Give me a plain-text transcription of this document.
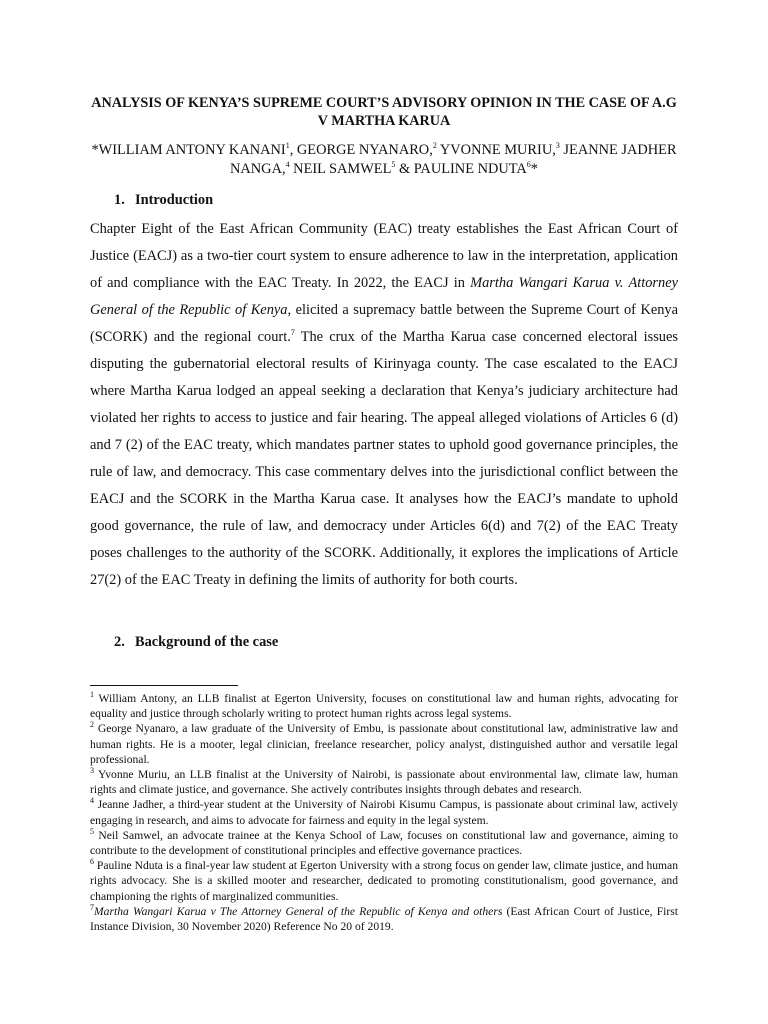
ANALYSIS OF KENYA’S SUPREME COURT’S ADVISORY OPINION IN THE CASE OF A.G V MARTHA KARUA

*WILLIAM ANTONY KANANI$^1$, GEORGE NYANARO,$^2$ YVONNE MURIU,$^3$ JEANNE JADHER NANGA,$^4$ NEIL SAMWEL$^5$ & PAULINE NDUTA$^6$*

1. Introduction

Chapter Eight of the East African Community (EAC) treaty establishes the East African Court of Justice (EACJ) as a two-tier court system to ensure adherence to law in the interpretation, application of and compliance with the EAC Treaty. In 2022, the EACJ in Martha Wangari Karua v. Attorney General of the Republic of Kenya, elicited a supremacy battle between the Supreme Court of Kenya (SCORK) and the regional court.$^7$ The crux of the Martha Karua case concerned electoral issues disputing the gubernatorial electoral results of Kirinyaga county. The case escalated to the EACJ where Martha Karua lodged an appeal seeking a declaration that Kenya’s judiciary architecture had violated her rights to access to justice and fair hearing. The appeal alleged violations of Articles 6 (d) and 7 (2) of the EAC treaty, which mandates partner states to uphold good governance principles, the rule of law, and democracy. This case commentary delves into the jurisdictional conflict between the EACJ and the SCORK in the Martha Karua case. It analyses how the EACJ’s mandate to uphold good governance, the rule of law, and democracy under Articles 6(d) and 7(2) of the EAC Treaty poses challenges to the authority of the SCORK. Additionally, it explores the implications of Article 27(2) of the EAC Treaty in defining the limits of authority for both courts.

2. Background of the case

$^1$ William Antony, an LLB finalist at Egerton University, focuses on constitutional law and human rights, advocating for equality and justice through scholarly writing to protect human rights across legal systems.

$^2$ George Nyanaro, a law graduate of the University of Embu, is passionate about constitutional law, administrative law and human rights. He is a mooter, legal clinician, freelance researcher, policy analyst, distinguished author and versatile legal professional.

$^3$ Yvonne Muriu, an LLB finalist at the University of Nairobi, is passionate about environmental law, climate law, human rights and climate justice, and governance. She actively contributes insights through debates and research.

$^4$ Jeanne Jadher, a third-year student at the University of Nairobi Kisumu Campus, is passionate about criminal law, actively engaging in research, and aims to advocate for fairness and equity in the legal system.

$^5$ Neil Samwel, an advocate trainee at the Kenya School of Law, focuses on constitutional law and governance, aiming to contribute to the development of constitutional principles and effective governance practices.

$^6$ Pauline Nduta is a final-year law student at Egerton University with a strong focus on gender law, climate justice, and human rights advocacy. She is a skilled mooter and researcher, dedicated to promoting constitutionalism, good governance, and championing the rights of marginalized communities.

$^7$Martha Wangari Karua v The Attorney General of the Republic of Kenya and others (East African Court of Justice, First Instance Division, 30 November 2020) Reference No 20 of 2019.
